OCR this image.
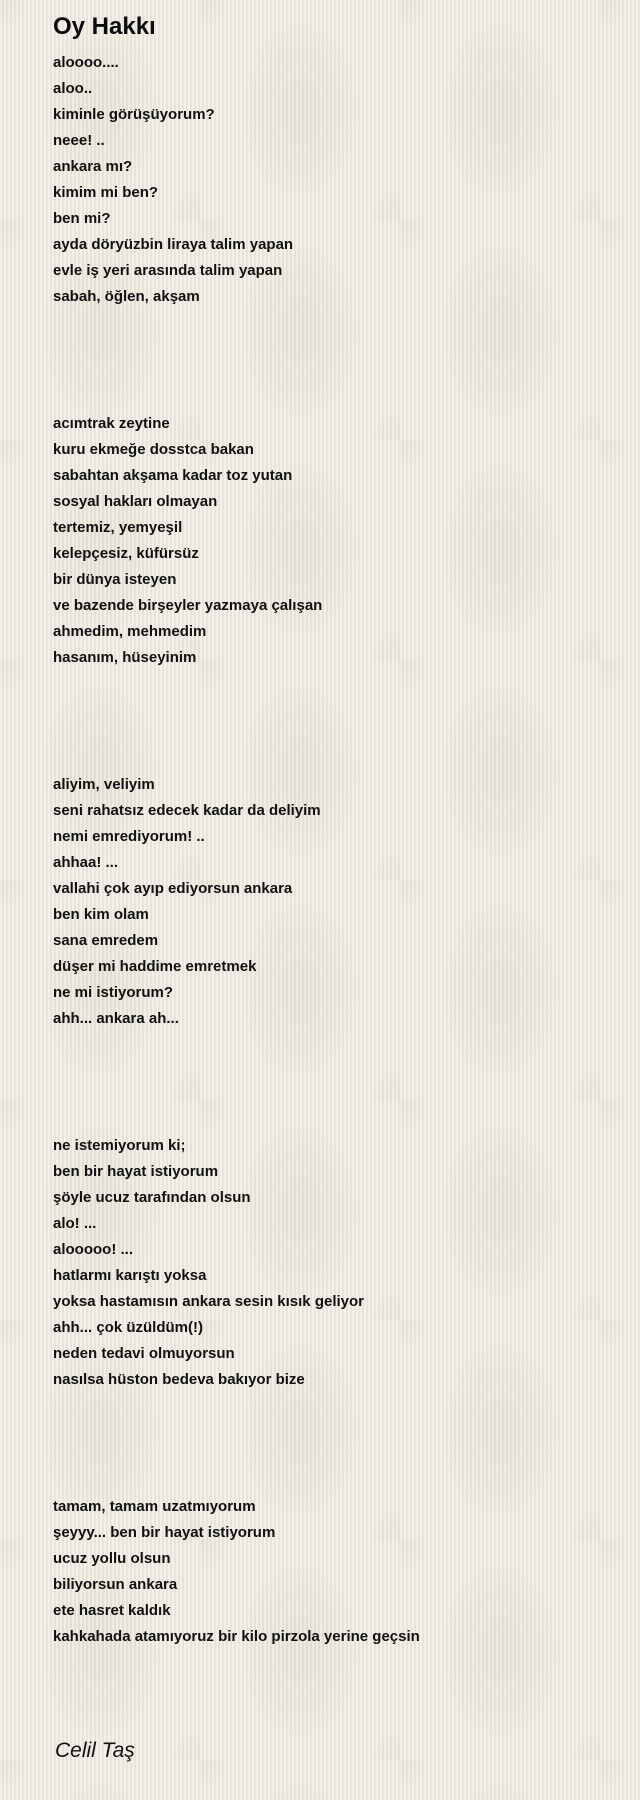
Oy Hakkı
aloooo....
aloo..
kiminle görüşüyorum?
neee! ..
ankara mı?
kimim mi ben?
ben mi?
ayda döryüzbin liraya talim yapan
evle iş yeri arasında talim yapan
sabah, öğlen, akşam
acımtrak zeytine
kuru ekmeğe dosstca bakan
sabahtan akşama kadar toz yutan
sosyal hakları olmayan
tertemiz, yemyeşil
kelepçesiz, küfürsüz
bir dünya isteyen
ve bazende birşeyler yazmaya çalışan
ahmedim, mehmedim
hasanım, hüseyinim
aliyim, veliyim
seni rahatsız edecek kadar da deliyim
nemi emrediyorum! ..
ahhaa! ...
vallahi çok ayıp ediyorsun ankara
ben kim olam
sana emredem
düşer mi haddime emretmek
ne mi istiyorum?
ahh... ankara ah...
ne istemiyorum ki;
ben bir hayat istiyorum
şöyle ucuz tarafından olsun
alo! ...
alooooo! ...
hatlarmı karıştı yoksa
yoksa hastamısın ankara sesin kısık geliyor
ahh... çok üzüldüm(!)
neden tedavi olmuyorsun
nasılsa hüston bedeva bakıyor bize
tamam, tamam uzatmıyorum
şeyyy... ben bir hayat istiyorum
ucuz yollu olsun
biliyorsun ankara
ete hasret kaldık
kahkahada atamıyoruz bir kilo pirzola yerine geçsin
Celil Taş
